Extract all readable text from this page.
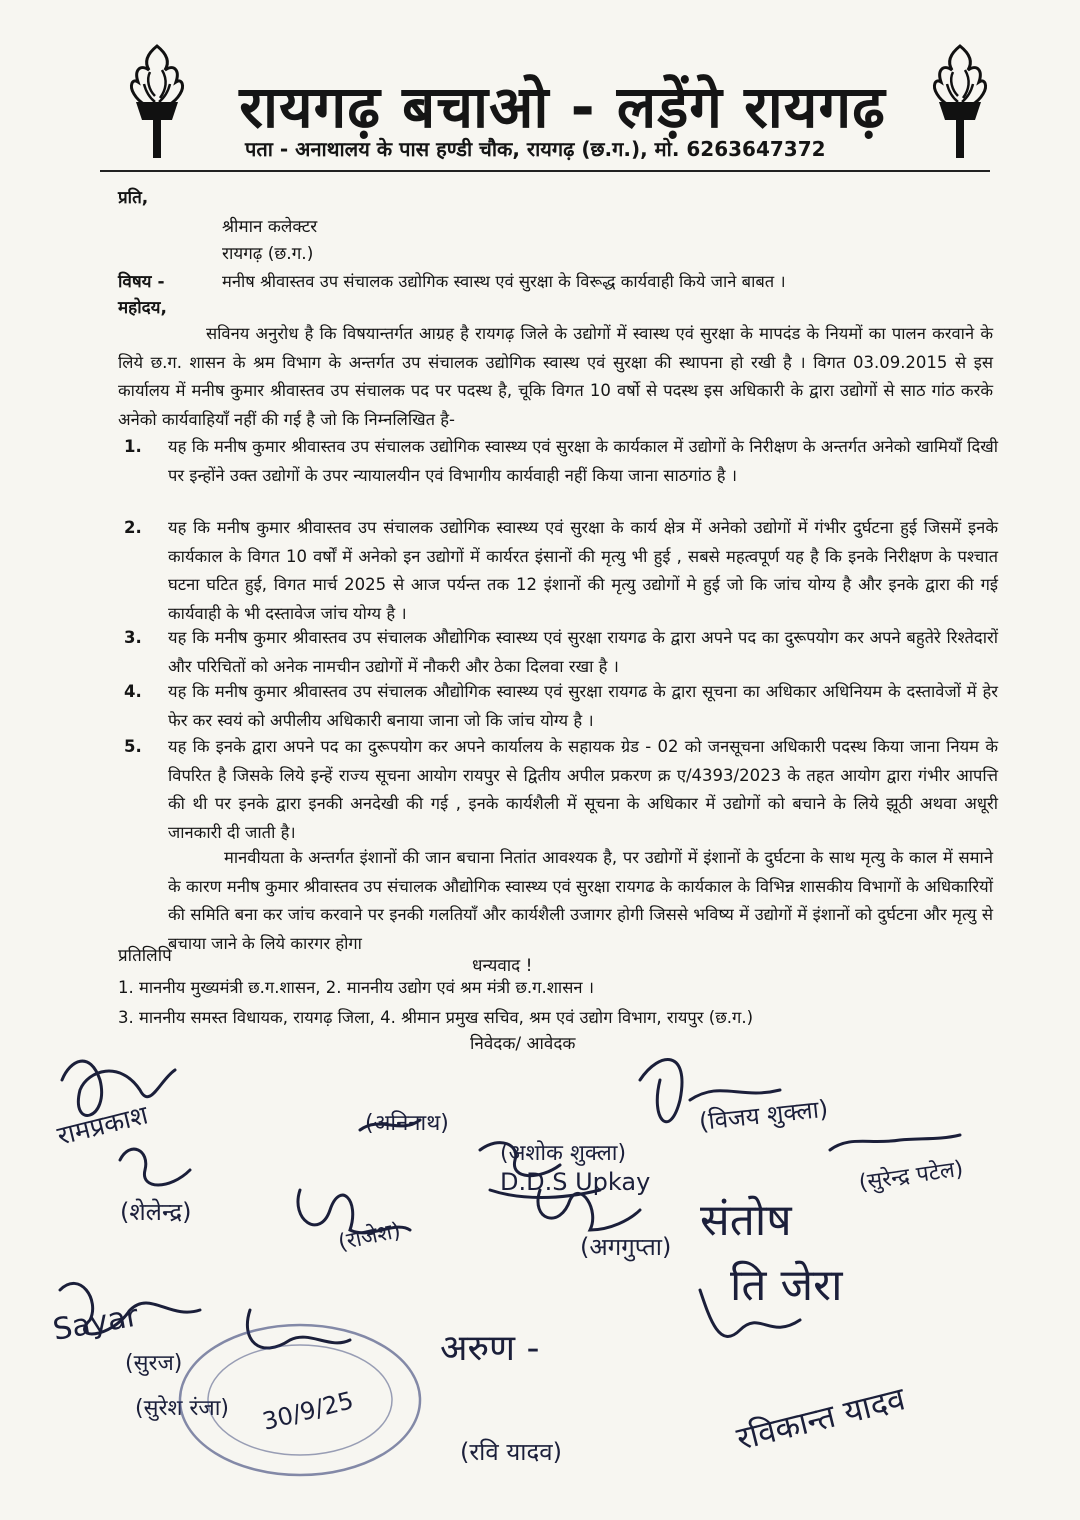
रायगढ़ बचाओ - लड़ेंगे रायगढ़
पता - अनाथालय के पास हण्डी चौक, रायगढ़ (छ.ग.), मो. 6263647372
प्रति,
श्रीमान कलेक्टर
रायगढ़ (छ.ग.)
विषय -	मनीष श्रीवास्तव उप संचालक उद्योगिक स्वास्थ एवं सुरक्षा के विरूद्ध कार्यवाही किये जाने बाबत ।
महोदय,

सविनय अनुरोध है कि विषयान्तर्गत आग्रह है रायगढ़ जिले के उद्योगों में स्वास्थ एवं सुरक्षा के मापदंड के नियमों का पालन करवाने के लिये छ.ग. शासन के श्रम विभाग के अन्तर्गत उप संचालक उद्योगिक स्वास्थ एवं सुरक्षा की स्थापना हो रखी है । विगत 03.09.2015 से इस कार्यालय में मनीष कुमार श्रीवास्तव उप संचालक पद पर पदस्थ है, चूकि विगत 10 वर्षो से पदस्थ इस अधिकारी के द्वारा उद्योगों से साठ गांठ करके अनेको कार्यवाहियाँ नहीं की गई है जो कि निम्नलिखित है-

1. यह कि मनीष कुमार श्रीवास्तव उप संचालक उद्योगिक स्वास्थ्य एवं सुरक्षा के कार्यकाल में उद्योगों के निरीक्षण के अन्तर्गत अनेको खामियाँ दिखी पर इन्होंने उक्त उद्योगों के उपर न्यायालयीन एवं विभागीय कार्यवाही नहीं किया जाना साठगांठ है ।
2. यह कि मनीष कुमार श्रीवास्तव उप संचालक उद्योगिक स्वास्थ्य एवं सुरक्षा के कार्य क्षेत्र में अनेको उद्योगों में गंभीर दुर्घटना हुई जिसमें इनके कार्यकाल के विगत 10 वर्षों में अनेको इन उद्योगों में कार्यरत इंसानों की मृत्यु भी हुई , सबसे महत्वपूर्ण यह है कि इनके निरीक्षण के पश्चात घटना घटित हुई, विगत मार्च 2025 से आज पर्यन्त तक 12 इंशानों की मृत्यु उद्योगों मे हुई जो कि जांच योग्य है और इनके द्वारा की गई कार्यवाही के भी दस्तावेज जांच योग्य है ।
3. यह कि मनीष कुमार श्रीवास्तव उप संचालक औद्योगिक स्वास्थ्य एवं सुरक्षा रायगढ के द्वारा अपने पद का दुरूपयोग कर अपने बहुतेरे रिश्तेदारों और परिचितों को अनेक नामचीन उद्योगों में नौकरी और ठेका दिलवा रखा है ।
4. यह कि मनीष कुमार श्रीवास्तव उप संचालक औद्योगिक स्वास्थ्य एवं सुरक्षा रायगढ के द्वारा सूचना का अधिकार अधिनियम के दस्तावेजों में हेर फेर कर स्वयं को अपीलीय अधिकारी बनाया जाना जो कि जांच योग्य है ।
5. यह कि इनके द्वारा अपने पद का दुरूपयोग कर अपने कार्यालय के सहायक ग्रेड - 02 को जनसूचना अधिकारी पदस्थ किया जाना नियम के विपरित है जिसके लिये इन्हें राज्य सूचना आयोग रायपुर से द्वितीय अपील प्रकरण क्र ए/4393/2023 के तहत आयोग द्वारा गंभीर आपत्ति की थी पर इनके द्वारा इनकी अनदेखी की गई , इनके कार्यशैली में सूचना के अधिकार में उद्योगों को बचाने के लिये झूठी अथवा अधूरी जानकारी दी जाती है।

मानवीयता के अन्तर्गत इंशानों की जान बचाना नितांत आवश्यक है, पर उद्योगों में इंशानों के दुर्घटना के साथ मृत्यु के काल में समाने के कारण मनीष कुमार श्रीवास्तव उप संचालक औद्योगिक स्वास्थ्य एवं सुरक्षा रायगढ के कार्यकाल के विभिन्न शासकीय विभागों के अधिकारियों की समिति बना कर जांच करवाने पर इनकी गलतियाँ और कार्यशैली उजागर होगी जिससे भविष्य में उद्योगों में इंशानों को दुर्घटना और मृत्यु से बचाया जाने के लिये कारगर होगा

प्रतिलिपि	धन्यवाद !
1. माननीय मुख्यमंत्री छ.ग.शासन, 2. माननीय उद्योग एवं श्रम मंत्री छ.ग.शासन ।
3. माननीय समस्त विधायक, रायगढ़ जिला, 4. श्रीमान प्रमुख सचिव, श्रम एवं उद्योग विभाग, रायपुर (छ.ग.)
निवेदक/ आवेदक
रामप्रकाश	(अनिनाथ)
(अशोक शुक्ला)
(विजय शुक्ला)
D.D.S Upkay	(सुरेन्द्र पटेल)
(शेलेन्द्र)
(राजेश)	(अगगुप्ता)
संतोष
ति जेरा
(सुरज)
(सुरेश रंजा) 30/9/25
अरुण -
(रवि यादव)	रविकान्त यादव
Sayar
